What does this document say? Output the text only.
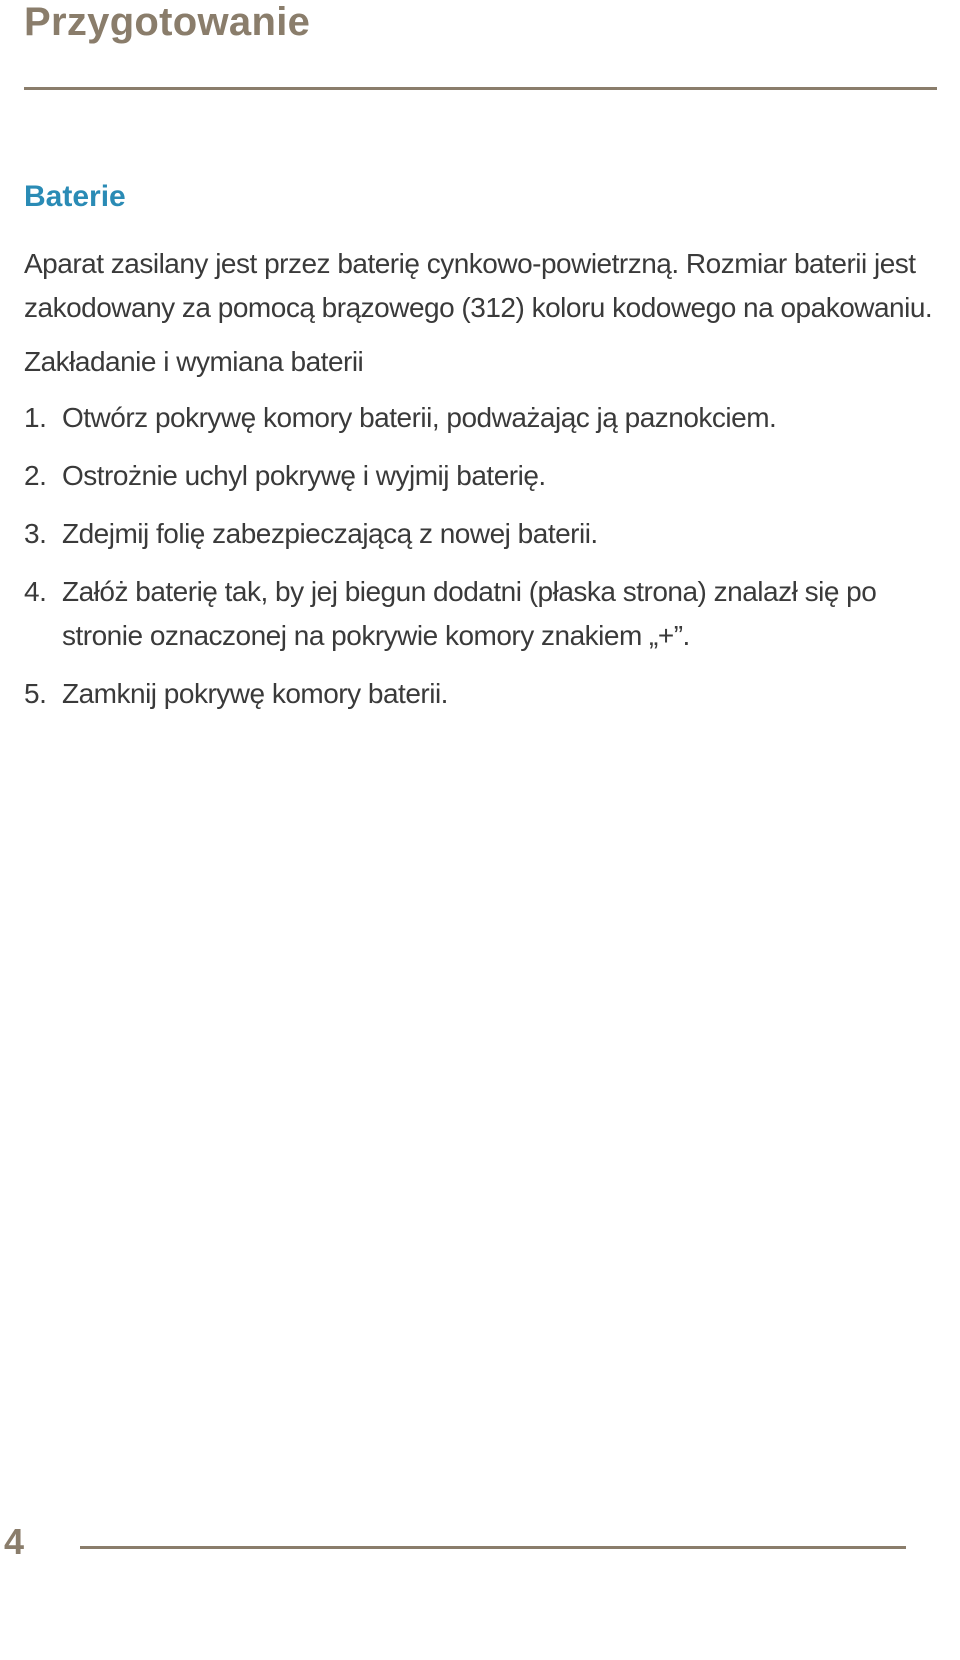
Przygotowanie
Baterie

Aparat zasilany jest przez baterię cynkowo-powietrzną. Rozmiar baterii jest zakodowany za pomocą brązowego (312) koloru kodowego na opakowaniu.

Zakładanie i wymiana baterii

1. Otwórz pokrywę komory baterii, podważając ją paznokciem.
2. Ostrożnie uchyl pokrywę i wyjmij baterię.
3. Zdejmij folię zabezpieczającą z nowej baterii.
4. Załóż baterię tak, by jej biegun dodatni (płaska strona) znalazł się po stronie oznaczonej na pokrywie komory znakiem „+”.
5. Zamknij pokrywę komory baterii.
4
